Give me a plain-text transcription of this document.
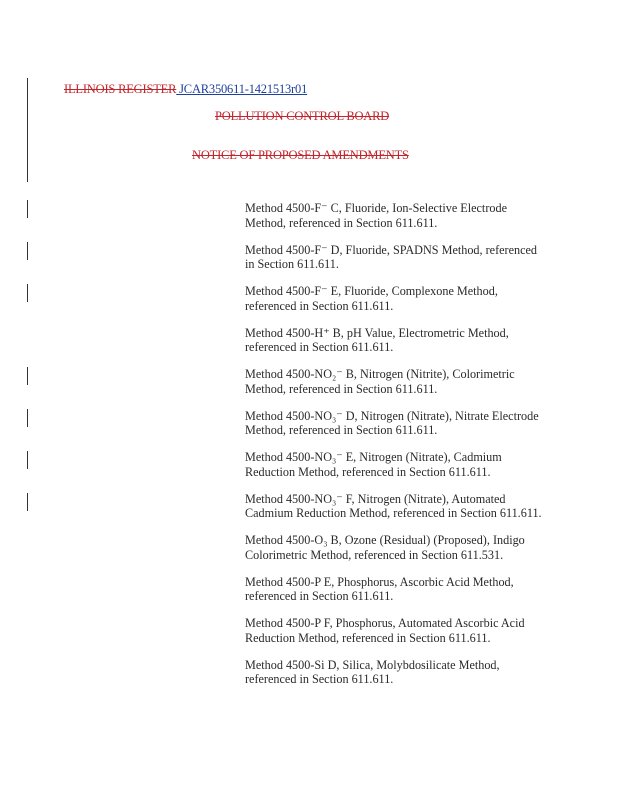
ILLINOIS REGISTER JCAR350611-1421513r01
POLLUTION CONTROL BOARD
NOTICE OF PROPOSED AMENDMENTS

Method 4500-F⁻ C, Fluoride, Ion-Selective Electrode Method, referenced in Section 611.611.

Method 4500-F⁻ D, Fluoride, SPADNS Method, referenced in Section 611.611.

Method 4500-F⁻ E, Fluoride, Complexone Method, referenced in Section 611.611.

Method 4500-H⁺ B, pH Value, Electrometric Method, referenced in Section 611.611.

Method 4500-NO₂⁻ B, Nitrogen (Nitrite), Colorimetric Method, referenced in Section 611.611.

Method 4500-NO₃⁻ D, Nitrogen (Nitrate), Nitrate Electrode Method, referenced in Section 611.611.

Method 4500-NO₃⁻ E, Nitrogen (Nitrate), Cadmium Reduction Method, referenced in Section 611.611.

Method 4500-NO₃⁻ F, Nitrogen (Nitrate), Automated Cadmium Reduction Method, referenced in Section 611.611.

Method 4500-O₃ B, Ozone (Residual) (Proposed), Indigo Colorimetric Method, referenced in Section 611.531.

Method 4500-P E, Phosphorus, Ascorbic Acid Method, referenced in Section 611.611.

Method 4500-P F, Phosphorus, Automated Ascorbic Acid Reduction Method, referenced in Section 611.611.

Method 4500-Si D, Silica, Molybdosilicate Method, referenced in Section 611.611.
